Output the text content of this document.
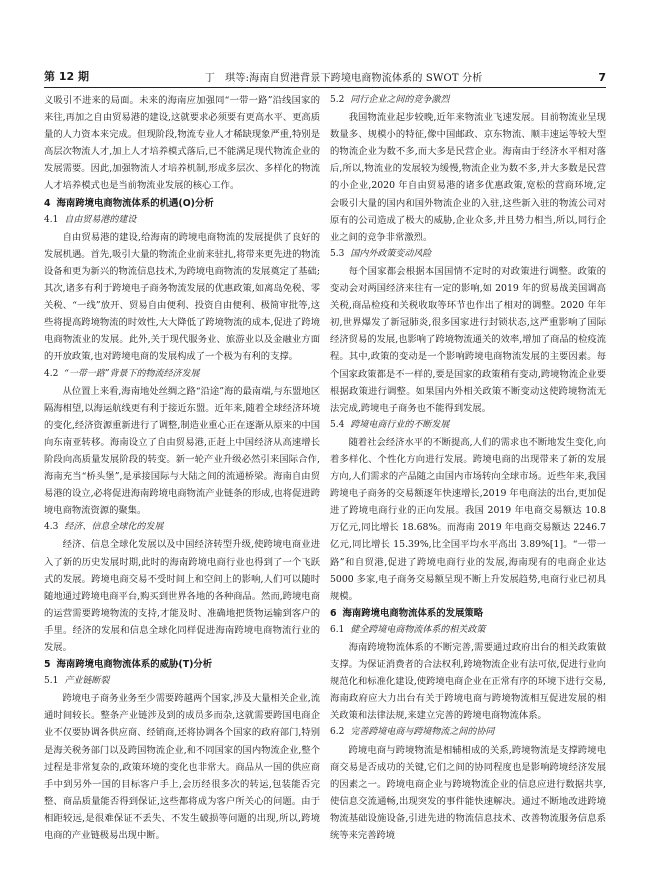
第 12 期	丁　琪等:海南自贸港背景下跨境电商物流体系的 SWOT 分析	7

义吸引不进来的局面。未来的海南应加强同“一带一路”沿线国家的来往,再加之自由贸易港的建设,这就要求必须要有更高水平、更高质量的人力资本来完成。但现阶段,物流专业人才稀缺现象严重,特别是高层次物流人才,加上人才培养模式落后,已不能满足现代物流企业的发展需要。因此,加强物流人才培养机制,形成多层次、多样化的物流人才培养模式也是当前物流业发展的核心工作。

4 海南跨境电商物流体系的机遇(O)分析

4.1 自由贸易港的建设

自由贸易港的建设,给海南的跨境电商物流的发展提供了良好的发展机遇。首先,吸引大量的物流企业前来驻扎,将带来更先进的物流设备和更为新兴的物流信息技术,为跨境电商物流的发展奠定了基础;其次,诸多有利于跨境电子商务物流发展的优惠政策,如离岛免税、零关税、“一线”放开、贸易自由便利、投资自由便利、极简审批等,这些将提高跨境物流的时效性,大大降低了跨境物流的成本,促进了跨境电商物流业的发展。此外,关于现代服务业、旅游业以及金融业方面的开放政策,也对跨境电商的发展构成了一个极为有利的支撑。

4.2 “一带一路”背景下的物流经济发展

从位置上来看,海南地处丝绸之路“沿途”海的最南端,与东盟地区隔海相望,以海运航线更有利于接近东盟。近年来,随着全球经济环境的变化,经济资源重新进行了调整,制造业重心正在逐渐从原来的中国向东南亚转移。海南设立了自由贸易港,正赶上中国经济从高速增长阶段向高质量发展阶段的转变。新一轮产业升级必然引来国际合作,海南充当“桥头堡”,是承接国际与大陆之间的流通桥梁。海南自由贸易港的设立,必将促进海南跨境电商物流产业链条的形成,也将促进跨境电商物流资源的聚集。

4.3 经济、信息全球化的发展

经济、信息全球化发展以及中国经济转型升级,使跨境电商业进入了新的历史发展时期,此时的海南跨境电商行业也得到了一个飞跃式的发展。跨境电商交易不受时间上和空间上的影响,人们可以随时随地通过跨境电商平台,购买到世界各地的各种商品。然而,跨境电商的运营需要跨境物流的支持,才能及时、准确地把货物运输到客户的手里。经济的发展和信息全球化同样促进海南跨境电商物流行业的发展。

5 海南跨境电商物流体系的威胁(T)分析

5.1 产业链断裂

跨境电子商务业务至少需要跨越两个国家,涉及大量相关企业,流通时间较长。整条产业链涉及到的成员多而杂,这就需要跨国电商企业不仅要协调各供应商、经销商,还将协调各个国家的政府部门,特别是海关税务部门以及跨国物流企业,和不同国家的国内物流企业,整个过程是非常复杂的,政策环境的变化也非常大。商品从一国的供应商手中到另外一国的目标客户手上,会历经很多次的转运,包装能否完整、商品质量能否得到保证,这些都将成为客户所关心的问题。由于相距较远,是很难保证不丢失、不发生破损等问题的出现,所以,跨境电商的产业链极易出现中断。

5.2 同行企业之间的竞争激烈

我国物流业起步较晚,近年来物流业飞速发展。目前物流业呈现数量多、规模小的特征,像中国邮政、京东物流、顺丰速运等较大型的物流企业为数不多,而大多是民营企业。海南由于经济水平相对落后,所以,物流业的发展较为缓慢,物流企业为数不多,并大多数是民营的小企业,2020 年自由贸易港的诸多优惠政策,宽松的营商环境,定会吸引大量的国内和国外物流企业的入驻,这些新入驻的物流公司对原有的公司造成了极大的威胁,企业众多,并且势力相当,所以,同行企业之间的竞争非常激烈。

5.3 国内外政策变动风险

每个国家都会根据本国国情不定时的对政策进行调整。政策的变动会对两国经济来往有一定的影响,如 2019 年的贸易战美国调高关税,商品检疫和关税收取等环节也作出了相对的调整。2020 年年初,世界爆发了新冠肺炎,很多国家进行封锁状态,这严重影响了国际经济贸易的发展,也影响了跨境物流通关的效率,增加了商品的检疫流程。其中,政策的变动是一个影响跨境电商物流发展的主要因素。每个国家政策都是不一样的,要是国家的政策稍有变动,跨境物流企业要根据政策进行调整。如果国内外相关政策不断变动这使跨境物流无法完成,跨境电子商务也不能得到发展。

5.4 跨境电商行业的不断发展

随着社会经济水平的不断提高,人们的需求也不断地发生变化,向着多样化、个性化方向进行发展。跨境电商的出现带来了新的发展方向,人们需求的产品随之由国内市场转向全球市场。近些年来,我国跨境电子商务的交易额逐年快速增长,2019 年电商法的出台,更加促进了跨境电商行业的正向发展。我国 2019 年电商交易额达 10.8 万亿元,同比增长 18.68%。而海南 2019 年电商交易额达 2246.7 亿元,同比增长 15.39%,比全国平均水平高出 3.89%[1]。“一带一路”和自贸港,促进了跨境电商行业的发展,海南现有的电商企业达 5000 多家,电子商务交易额呈现不断上升发展趋势,电商行业已初具规模。

6 海南跨境电商物流体系的发展策略

6.1 健全跨境电商物流体系的相关政策

海南跨境物流体系的不断完善,需要通过政府出台的相关政策做支撑。为保证消费者的合法权利,跨境物流企业有法可依,促进行业向规范化和标准化建设,使跨境电商企业在正常有序的环境下进行交易,海南政府应大力出台有关于跨境电商与跨境物流相互促进发展的相关政策和法律法规,来建立完善的跨境电商物流体系。

6.2 完善跨境电商与跨境物流之间的协同

跨境电商与跨境物流是相辅相成的关系,跨境物流是支撑跨境电商交易是否成功的关键,它们之间的协同程度也是影响跨境经济发展的因素之一。跨境电商企业与跨境物流企业的信息应进行数据共享,使信息交流通畅,出现突发的事件能快速解决。通过不断地改进跨境物流基础设施设备,引进先进的物流信息技术、改善物流服务信息系统等来完善跨境
